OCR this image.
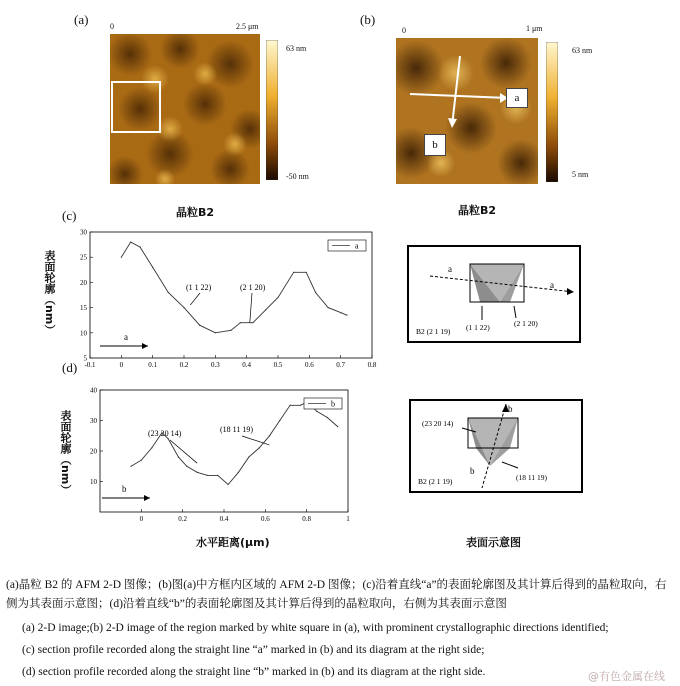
(a)	0	2.5 μm
63 nm
-50 nm
晶粒B2
(b)
0	1 μm
a
b
63 nm
5 nm
晶粒B2
(c)
表面轮廓（nm）
5
10
15
20
25
30
-0.1	0	0.1	0.2	0.3	0.4	0.5	0.6	0.7	0.8
a
(1 1 22)	(2 1 20)
a
(d)
表面轮廓（nm）	10
20
30
40
0	0.2	0.4	0.6	0.8	1
b
(23 20 14)	(18 11 19)
b
水平距离(μm)
a
a
(1 1 22)	(2 1 20)
B2 (2 1 19)
b
b
(23 20 14)
(18 11 19)
B2 (2 1 19)
表面示意图
(a)晶粒 B2 的 AFM 2-D 图像；(b)图(a)中方框内区域的 AFM 2-D 图像；(c)沿着直线“a”的表面轮廓图及其计算后得到的晶粒取向，右侧为其表面示意图；(d)沿着直线“b”的表面轮廓图及其计算后得到的晶粒取向，右侧为其表面示意图
(a) 2-D image;(b) 2-D image of the region marked by white square in (a), with prominent crystallographic directions identified;
(c) section profile recorded along the straight line “a” marked in (b) and its diagram at the right side;
(d) section profile recorded along the straight line “b” marked in (b) and its diagram at the right side.	@有色金属在线
